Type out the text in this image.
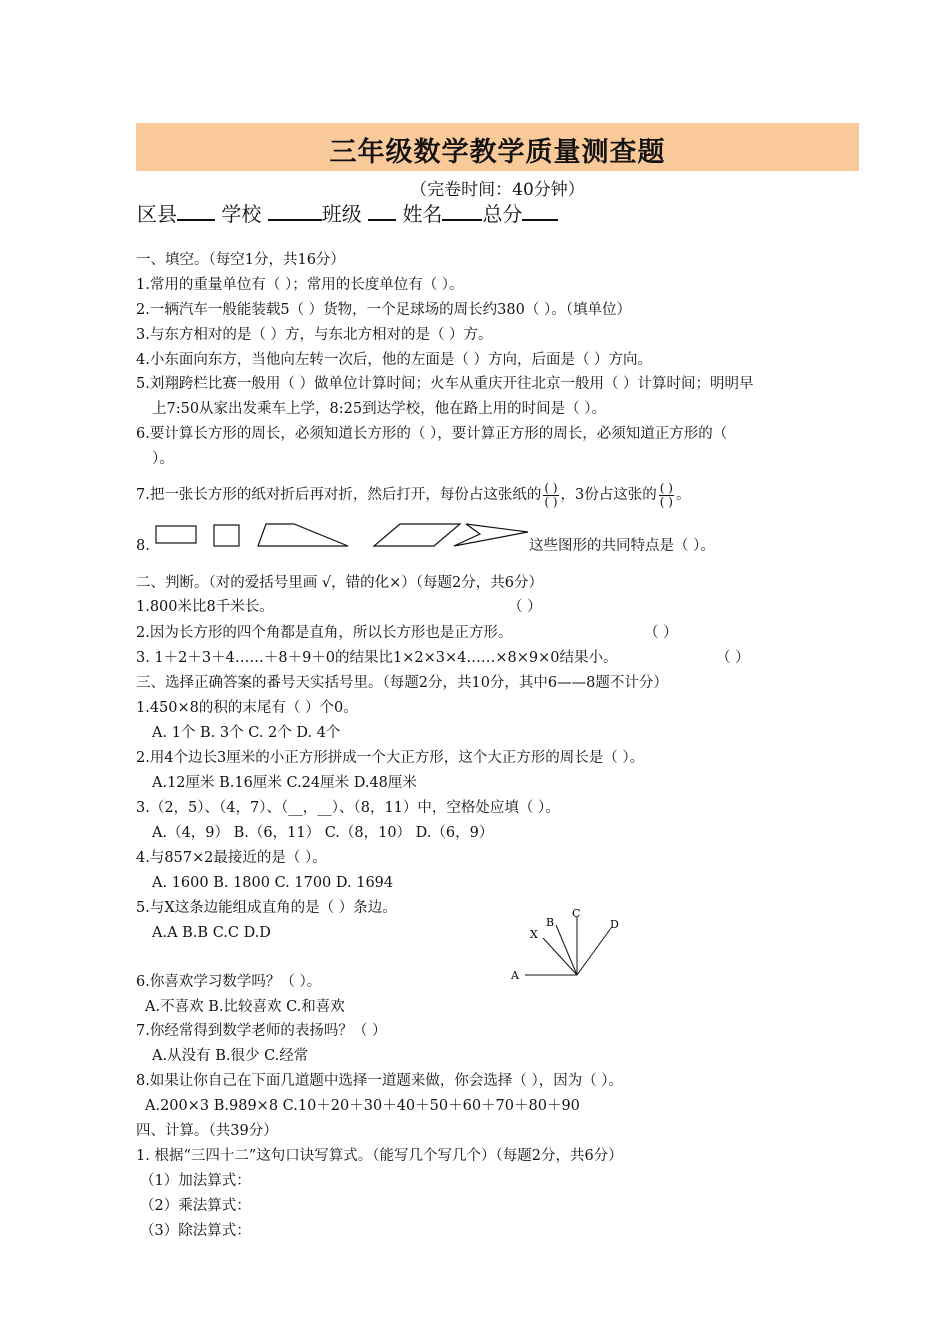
三年级数学教学质量测查题
（完卷时间：40分钟）
区县 学校	班级 姓名 总分
一、填空。（每空1分，共16分）
1.常用的重量单位有（ ）；常用的长度单位有（ ）。
2.一辆汽车一般能装载5（ ）货物，一个足球场的周长约380（ ）。（填单位）
3.与东方相对的是（ ）方，与东北方相对的是（ ）方。
4.小东面向东方，当他向左转一次后，他的左面是（ ）方向，后面是（ ）方向。
5.刘翔跨栏比赛一般用（ ）做单位计算时间；火车从重庆开往北京一般用（ ）计算时间；明明早
上7:50从家出发乘车上学，8:25到达学校，他在路上用的时间是（ ）。
6.要计算长方形的周长，必须知道长方形的（ ），要计算正方形的周长，必须知道正方形的（
）。
7.把一张长方形的纸对折后再对折，然后打开，每份占这张纸的 $\frac{( )}{( )}$ ，3份占这张的 $\frac{( )}{( )}$ 。
8.	这些图形的共同特点是（ ）。
二、判断。（对的爱括号里画 √，错的化×）（每题2分，共6分）
1.800米比8千米长。	（ ）
2.因为长方形的四个角都是直角，所以长方形也是正方形。	（ ）
3. 1＋2＋3＋4……＋8＋9＋0的结果比1×2×3×4……×8×9×0结果小。	（ ）
三、选择正确答案的番号天实括号里。（每题2分，共10分，其中6——8题不计分）
1.450×8的积的末尾有（ ）个0。
A. 1个 B. 3个 C. 2个 D. 4个
2.用4个边长3厘米的小正方形拼成一个大正方形，这个大正方形的周长是（ ）。
A.12厘米 B.16厘米 C.24厘米 D.48厘米
3.（2，5）、（4，7）、（__，__）、（8，11）中，空格处应填（ ）。
A.（4，9） B.（6，11） C.（8，10） D.（6，9）
4.与857×2最接近的是（ ）。
A. 1600 B. 1800 C. 1700 D. 1694
5.与X这条边能组成直角的是（ ）条边。
A.A B.B C.C D.D	X
B
C
D
A
6.你喜欢学习数学吗？（ ）。
A.不喜欢 B.比较喜欢 C.和喜欢
7.你经常得到数学老师的表扬吗？（ ）
A.从没有 B.很少 C.经常
8.如果让你自己在下面几道题中选择一道题来做，你会选择（ ），因为（ ）。
A.200×3 B.989×8 C.10＋20＋30＋40＋50＋60＋70＋80＋90
四、计算。（共39分）
1. 根据“三四十二”这句口诀写算式。（能写几个写几个）（每题2分，共6分）
（1）加法算式：
（2）乘法算式：
（3）除法算式：
